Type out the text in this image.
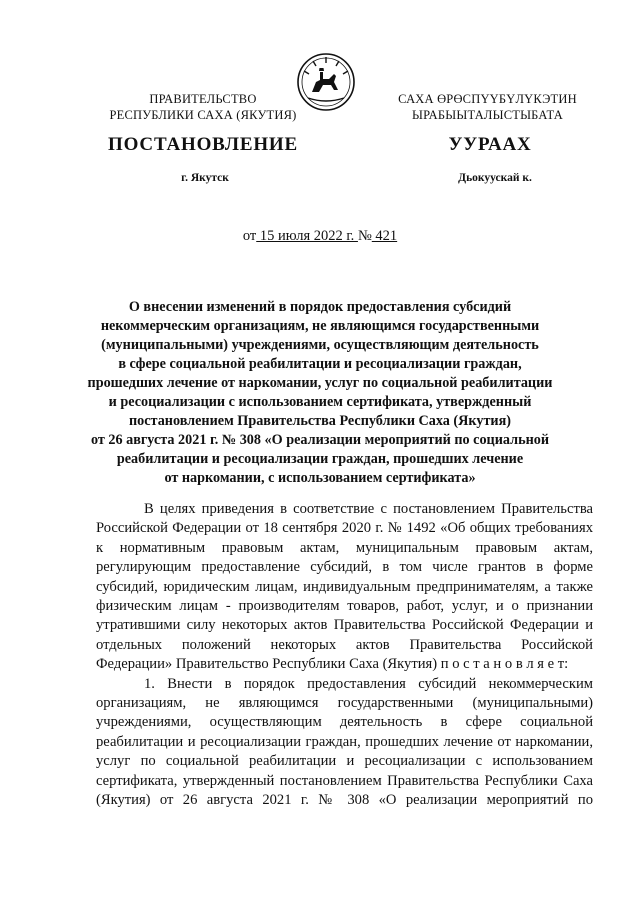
ПРАВИТЕЛЬСТВО
РЕСПУБЛИКИ САХА (ЯКУТИЯ)
САХА ӨРӨСПҮҮБҮЛҮКЭТИН
ЫРАБЫЫТАЛЫСТЫБАТА
ПОСТАНОВЛЕНИЕ	УУРААХ
г. Якутск	Дьокуускай к.
от 15 июля 2022 г. № 421
О внесении изменений в порядок предоставления субсидий
некоммерческим организациям, не являющимся государственными
(муниципальными) учреждениями, осуществляющим деятельность
в сфере социальной реабилитации и ресоциализации граждан,
прошедших лечение от наркомании, услуг по социальной реабилитации
и ресоциализации с использованием сертификата, утвержденный
постановлением Правительства Республики Саха (Якутия)
от 26 августа 2021 г. № 308 «О реализации мероприятий по социальной
реабилитации и ресоциализации граждан, прошедших лечение
от наркомании, с использованием сертификата»
В целях приведения в соответствие с постановлением Правительства
Российской Федерации от 18 сентября 2020 г. № 1492 «Об общих требованиях
к нормативным правовым актам, муниципальным правовым актам,
регулирующим предоставление субсидий, в том числе грантов в форме
субсидий, юридическим лицам, индивидуальным предпринимателям, а также
физическим лицам - производителям товаров, работ, услуг, и о признании
утратившими силу некоторых актов Правительства Российской Федерации и
отдельных положений некоторых актов Правительства Российской
Федерации» Правительство Республики Саха (Якутия) п о с т а н о в л я е т:
1. Внести в порядок предоставления субсидий некоммерческим
организациям, не являющимся государственными (муниципальными)
учреждениями, осуществляющим деятельность в сфере социальной
реабилитации и ресоциализации граждан, прошедших лечение от наркомании,
услуг по социальной реабилитации и ресоциализации с использованием
сертификата, утвержденный постановлением Правительства Республики Саха
(Якутия) от 26 августа 2021 г. № 308 «О реализации мероприятий по
